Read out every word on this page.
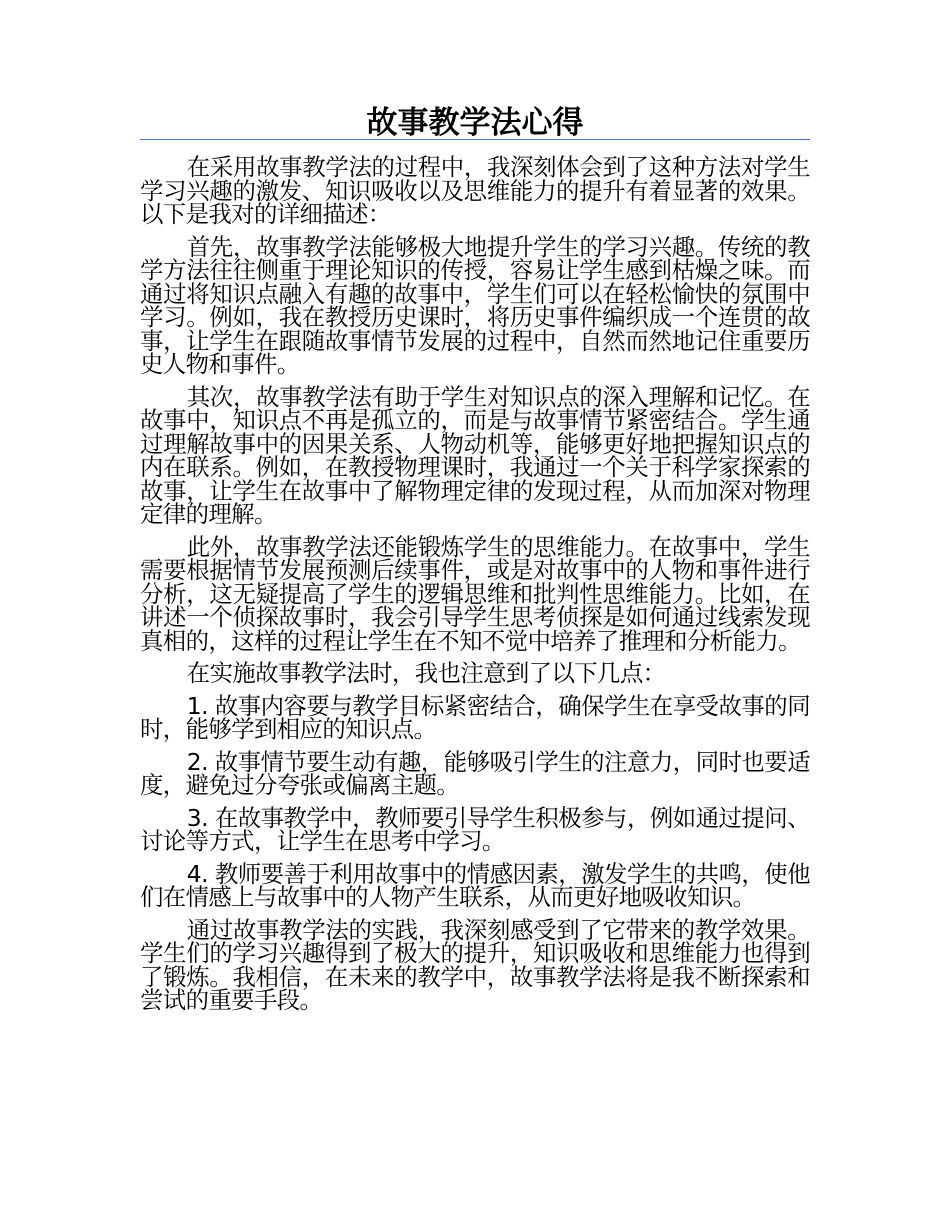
故事教学法心得

在采用故事教学法的过程中，我深刻体会到了这种方法对学生学习兴趣的激发、知识吸收以及思维能力的提升有着显著的效果。以下是我对的详细描述：

首先，故事教学法能够极大地提升学生的学习兴趣。传统的教学方法往往侧重于理论知识的传授，容易让学生感到枯燥之味。而通过将知识点融入有趣的故事中，学生们可以在轻松愉快的氛围中学习。例如，我在教授历史课时，将历史事件编织成一个连贯的故事，让学生在跟随故事情节发展的过程中，自然而然地记住重要历史人物和事件。

其次，故事教学法有助于学生对知识点的深入理解和记忆。在故事中，知识点不再是孤立的，而是与故事情节紧密结合。学生通过理解故事中的因果关系、人物动机等，能够更好地把握知识点的内在联系。例如，在教授物理课时，我通过一个关于科学家探索的故事，让学生在故事中了解物理定律的发现过程，从而加深对物理定律的理解。

此外，故事教学法还能锻炼学生的思维能力。在故事中，学生需要根据情节发展预测后续事件，或是对故事中的人物和事件进行分析，这无疑提高了学生的逻辑思维和批判性思维能力。比如，在讲述一个侦探故事时，我会引导学生思考侦探是如何通过线索发现真相的，这样的过程让学生在不知不觉中培养了推理和分析能力。

在实施故事教学法时，我也注意到了以下几点：

1. 故事内容要与教学目标紧密结合，确保学生在享受故事的同时，能够学到相应的知识点。

2. 故事情节要生动有趣，能够吸引学生的注意力，同时也要适度，避免过分夸张或偏离主题。

3. 在故事教学中，教师要引导学生积极参与，例如通过提问、讨论等方式，让学生在思考中学习。

4. 教师要善于利用故事中的情感因素，激发学生的共鸣，使他们在情感上与故事中的人物产生联系，从而更好地吸收知识。

通过故事教学法的实践，我深刻感受到了它带来的教学效果。学生们的学习兴趣得到了极大的提升，知识吸收和思维能力也得到了锻炼。我相信，在未来的教学中，故事教学法将是我不断探索和尝试的重要手段。
